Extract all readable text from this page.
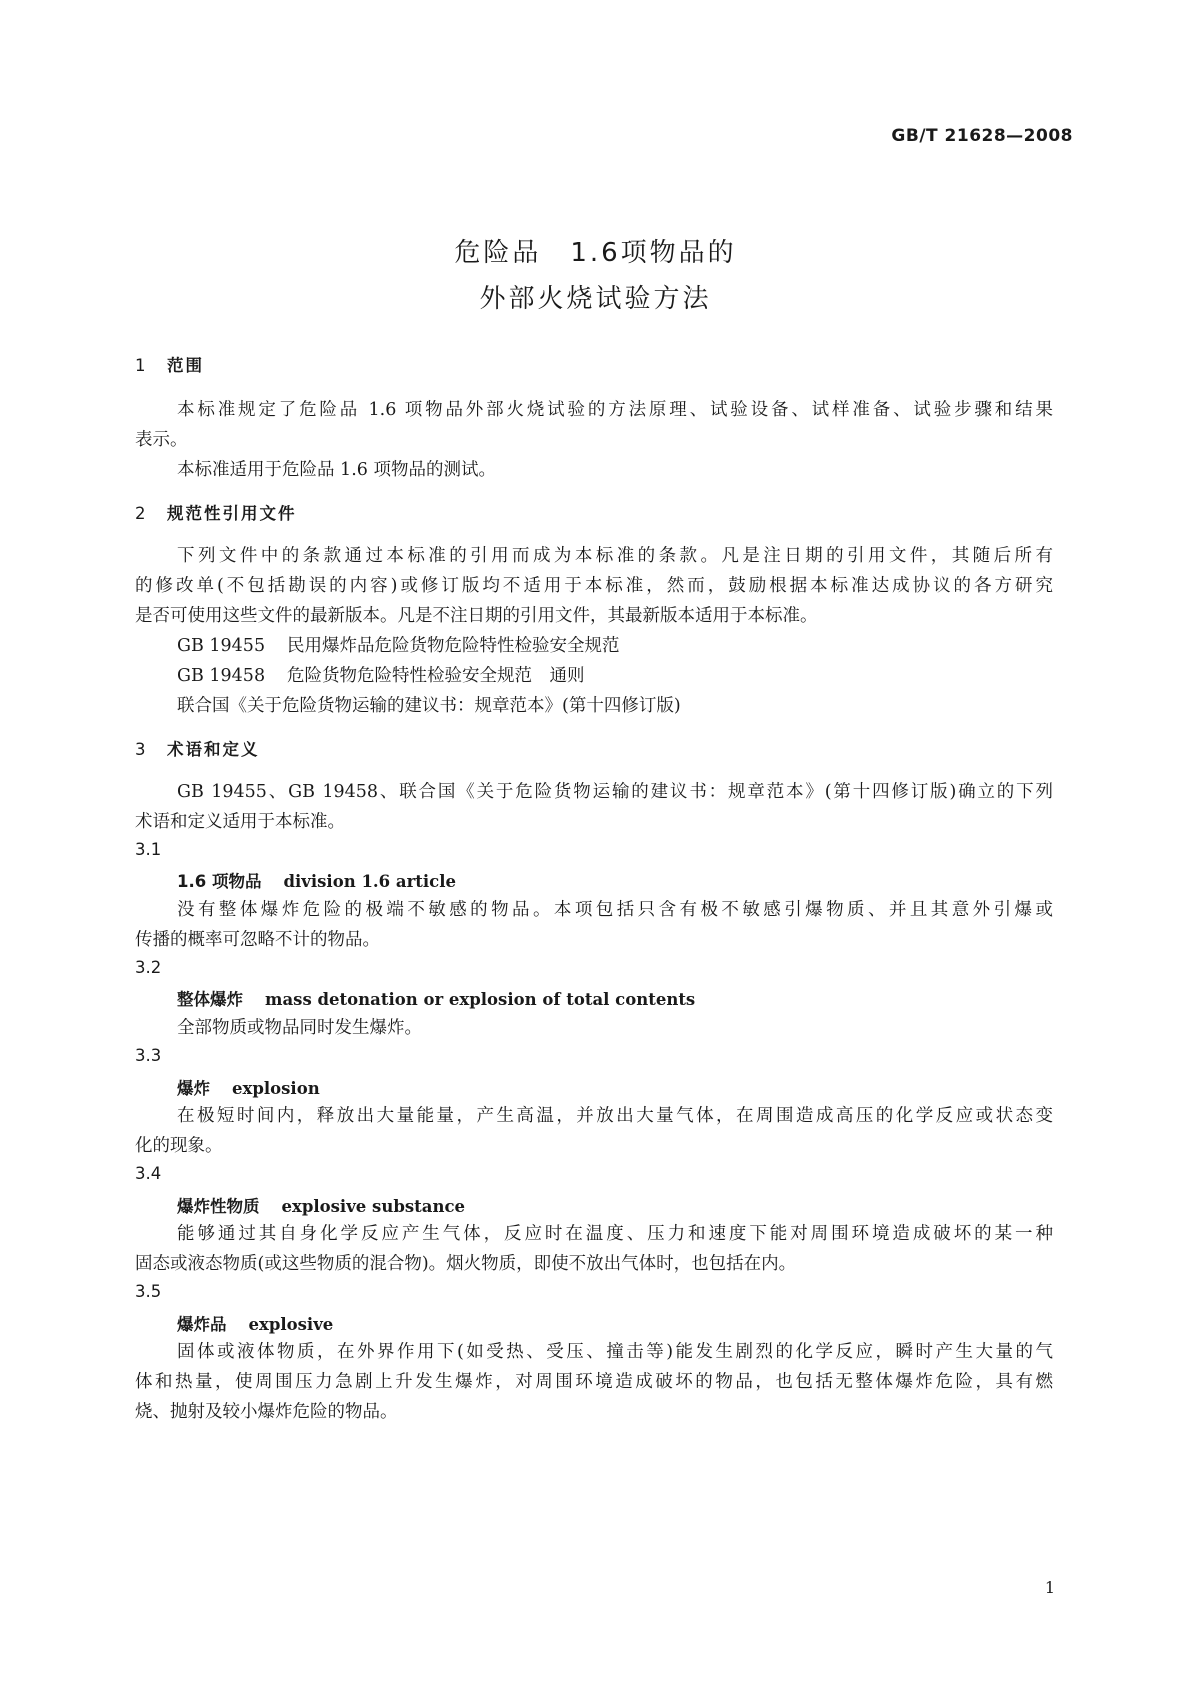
GB/T 21628—2008
危险品　1.6项物品的
外部火烧试验方法
1 范围
本标准规定了危险品 1.6 项物品外部火烧试验的方法原理、试验设备、试样准备、试验步骤和结果
表示。
本标准适用于危险品 1.6 项物品的测试。
2 规范性引用文件
下列文件中的条款通过本标准的引用而成为本标准的条款。凡是注日期的引用文件，其随后所有
的修改单(不包括勘误的内容)或修订版均不适用于本标准，然而，鼓励根据本标准达成协议的各方研究
是否可使用这些文件的最新版本。凡是不注日期的引用文件，其最新版本适用于本标准。
GB 19455 民用爆炸品危险货物危险特性检验安全规范
GB 19458 危险货物危险特性检验安全规范　通则
联合国《关于危险货物运输的建议书：规章范本》(第十四修订版)
3 术语和定义
GB 19455、GB 19458、联合国《关于危险货物运输的建议书：规章范本》(第十四修订版)确立的下列
术语和定义适用于本标准。
3.1
1.6 项物品 division 1.6 article
没有整体爆炸危险的极端不敏感的物品。本项包括只含有极不敏感引爆物质、并且其意外引爆或
传播的概率可忽略不计的物品。
3.2
整体爆炸 mass detonation or explosion of total contents
全部物质或物品同时发生爆炸。
3.3
爆炸 explosion
在极短时间内，释放出大量能量，产生高温，并放出大量气体，在周围造成高压的化学反应或状态变
化的现象。
3.4
爆炸性物质 explosive substance
能够通过其自身化学反应产生气体，反应时在温度、压力和速度下能对周围环境造成破坏的某一种
固态或液态物质(或这些物质的混合物)。烟火物质，即使不放出气体时，也包括在内。
3.5
爆炸品 explosive
固体或液体物质，在外界作用下(如受热、受压、撞击等)能发生剧烈的化学反应，瞬时产生大量的气
体和热量，使周围压力急剧上升发生爆炸，对周围环境造成破坏的物品，也包括无整体爆炸危险，具有燃
烧、抛射及较小爆炸危险的物品。
1
